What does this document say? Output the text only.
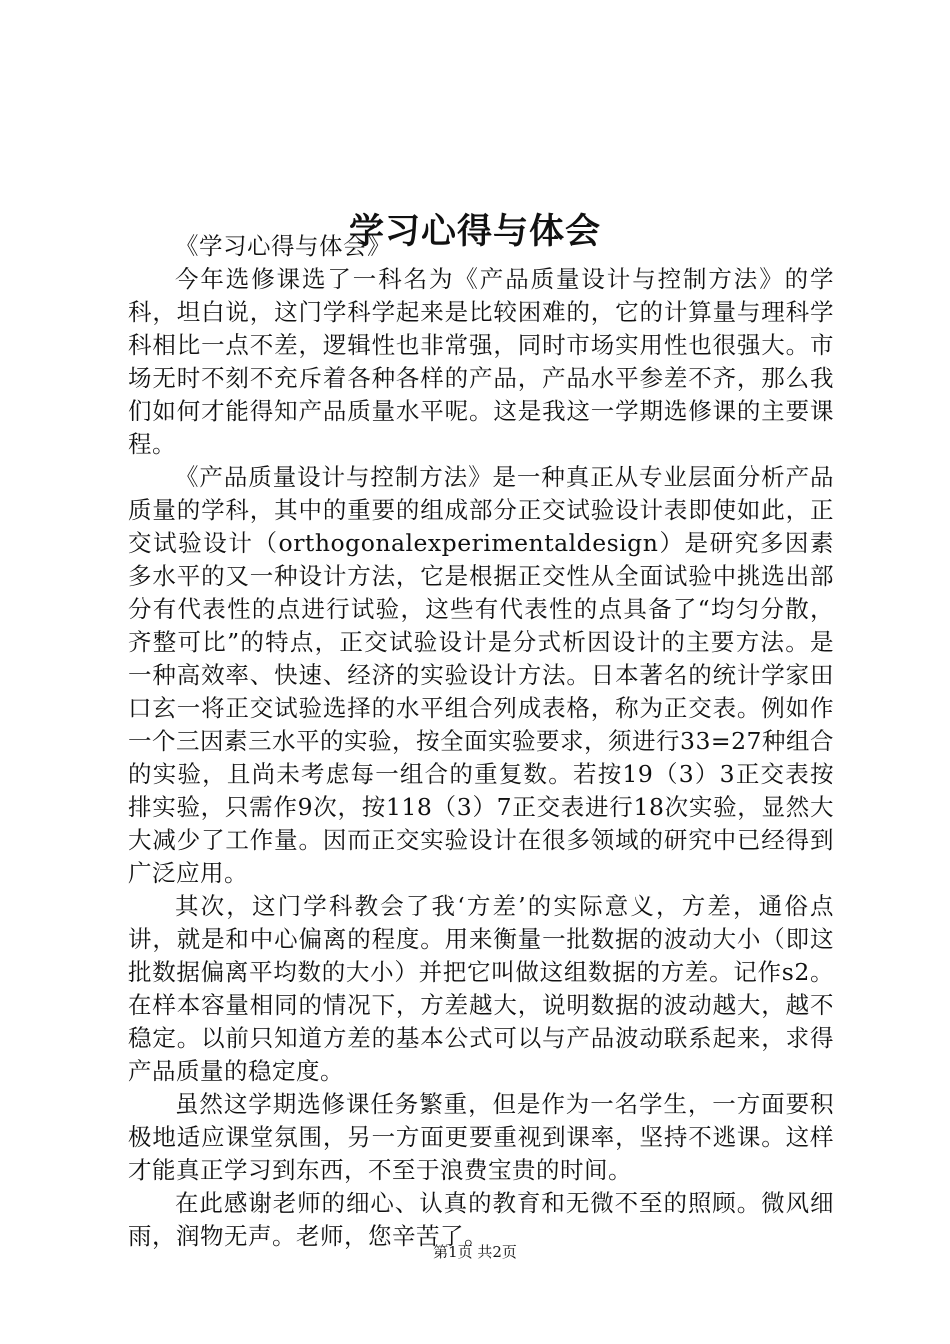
学习心得与体会

《学习心得与体会》

今年选修课选了一科名为《产品质量设计与控制方法》的学科，坦白说，这门学科学起来是比较困难的，它的计算量与理科学科相比一点不差，逻辑性也非常强，同时市场实用性也很强大。市场无时不刻不充斥着各种各样的产品，产品水平参差不齐，那么我们如何才能得知产品质量水平呢。这是我这一学期选修课的主要课程。

《产品质量设计与控制方法》是一种真正从专业层面分析产品质量的学科，其中的重要的组成部分正交试验设计表即使如此，正交试验设计（orthogonalexperimentaldesign）是研究多因素多水平的又一种设计方法，它是根据正交性从全面试验中挑选出部分有代表性的点进行试验，这些有代表性的点具备了“均匀分散，齐整可比”的特点，正交试验设计是分式析因设计的主要方法。是一种高效率、快速、经济的实验设计方法。日本著名的统计学家田口玄一将正交试验选择的水平组合列成表格，称为正交表。例如作一个三因素三水平的实验，按全面实验要求，须进行33=27种组合的实验，且尚未考虑每一组合的重复数。若按19（3）3正交表按排实验，只需作9次，按118（3）7正交表进行18次实验，显然大大减少了工作量。因而正交实验设计在很多领域的研究中已经得到广泛应用。

其次，这门学科教会了我‘方差’的实际意义，方差，通俗点讲，就是和中心偏离的程度。用来衡量一批数据的波动大小（即这批数据偏离平均数的大小）并把它叫做这组数据的方差。记作s2。在样本容量相同的情况下，方差越大，说明数据的波动越大，越不稳定。以前只知道方差的基本公式可以与产品波动联系起来，求得产品质量的稳定度。

虽然这学期选修课任务繁重，但是作为一名学生，一方面要积极地适应课堂氛围，另一方面更要重视到课率，坚持不逃课。这样才能真正学习到东西，不至于浪费宝贵的时间。

在此感谢老师的细心、认真的教育和无微不至的照顾。微风细雨，润物无声。老师，您辛苦了。

第1页 共2页
